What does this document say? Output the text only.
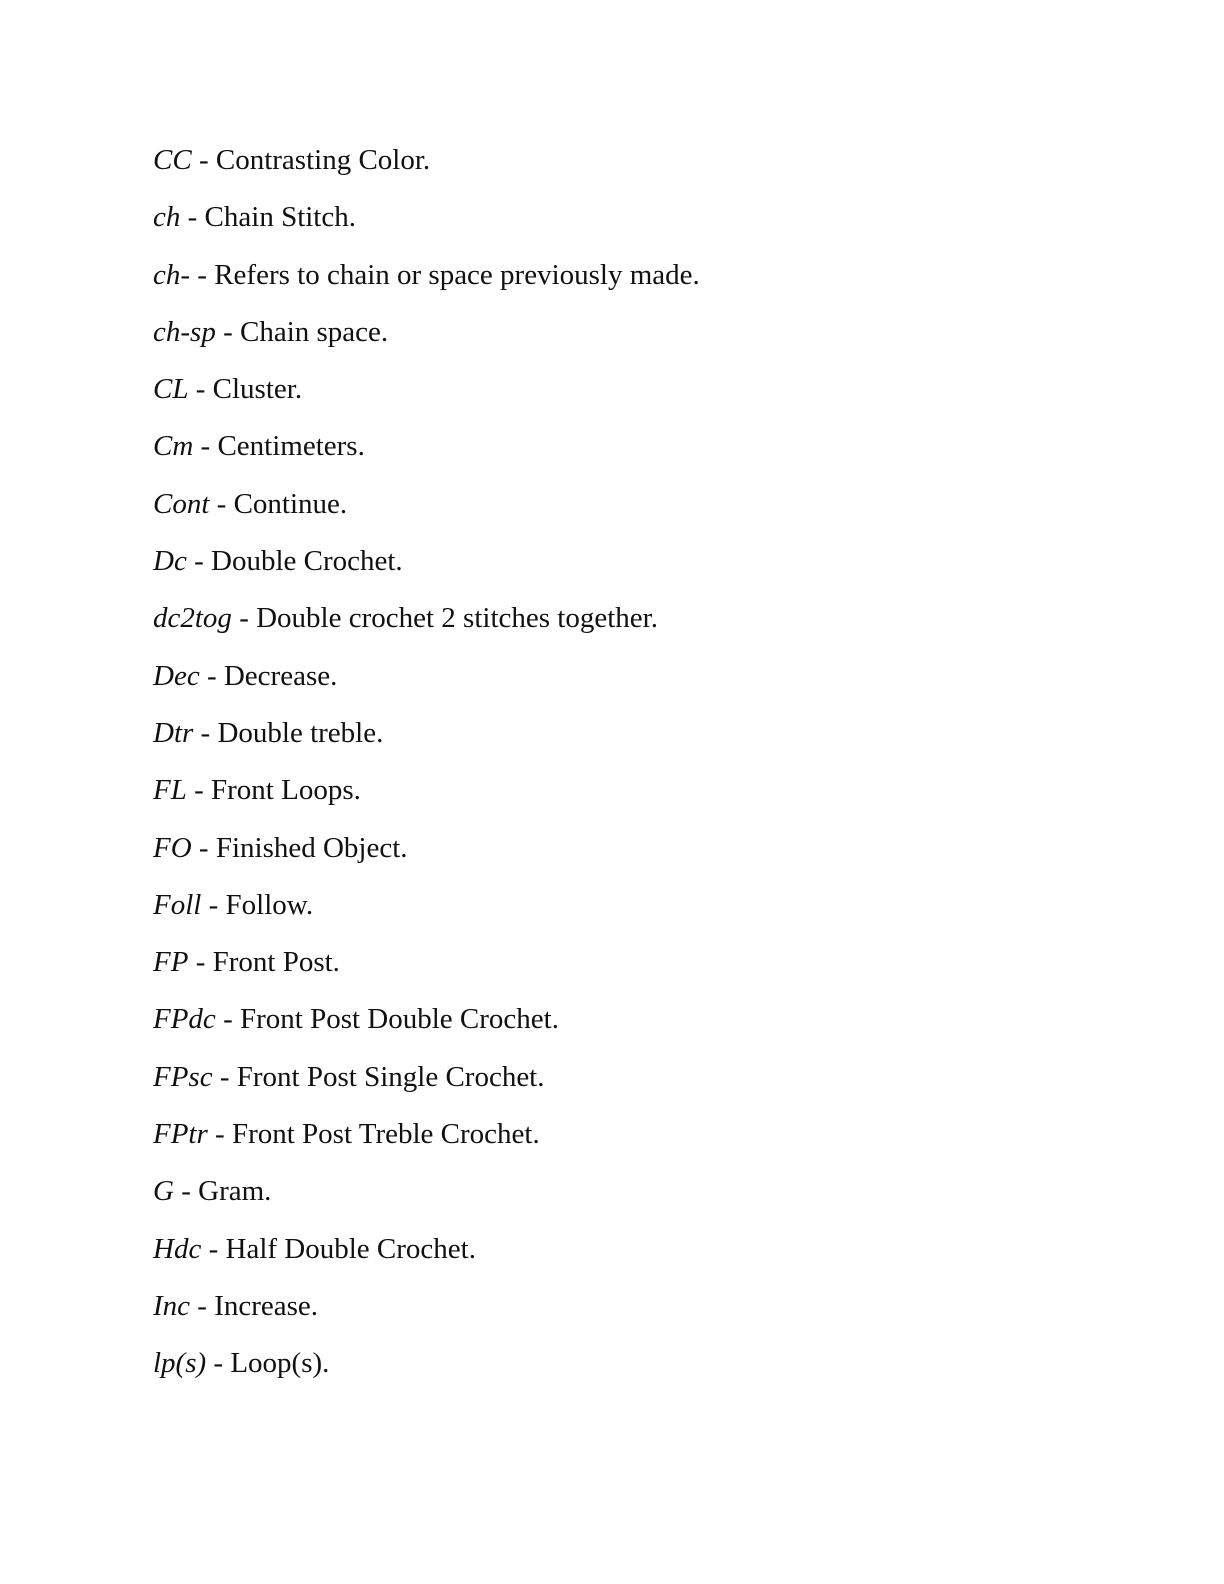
CC - Contrasting Color.
ch - Chain Stitch.
ch- - Refers to chain or space previously made.
ch-sp - Chain space.
CL - Cluster.
Cm - Centimeters.
Cont - Continue.
Dc - Double Crochet.
dc2tog - Double crochet 2 stitches together.
Dec - Decrease.
Dtr - Double treble.
FL - Front Loops.
FO - Finished Object.
Foll - Follow.
FP - Front Post.
FPdc - Front Post Double Crochet.
FPsc - Front Post Single Crochet.
FPtr - Front Post Treble Crochet.
G - Gram.
Hdc - Half Double Crochet.
Inc - Increase.
lp(s) - Loop(s).
